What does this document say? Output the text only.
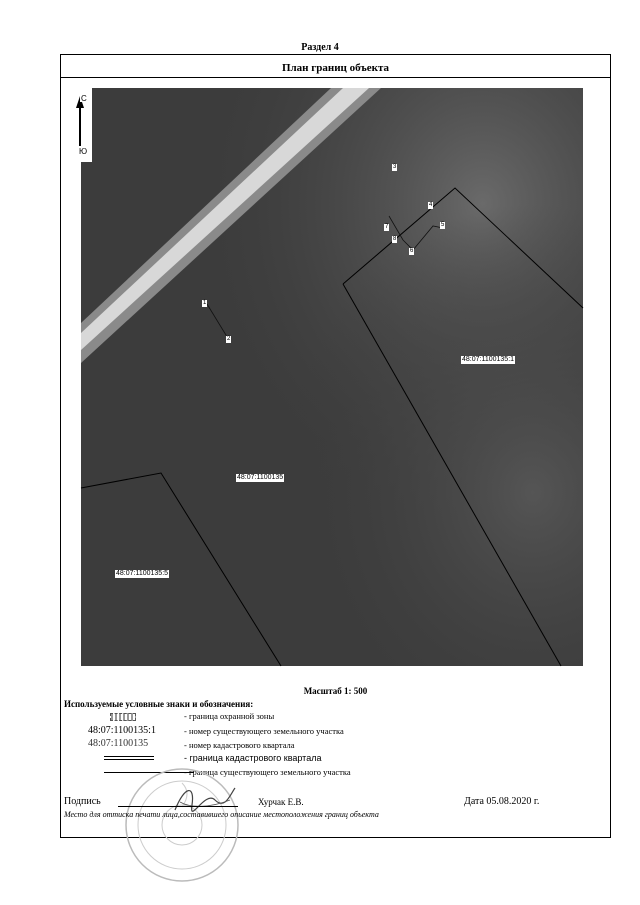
Раздел 4
План границ объекта
48:07:1100135:1
48:07:1100135
48:07:1100135:5
1
2
3
4
5
6
7
8
С
Ю
Масштаб 1: 500
Используемые условные знаки и обозначения:
- граница охранной зоны
48:07:1100135:1	- номер существующего земельного участка
48:07:1100135	- номер кадастрового квартала
- граница кадастрового квартала
- граница существующего земельного участка
Подпись	Хурчак Е.В.	Дата 05.08.2020 г.
Место для оттиска печати лица,составившего описание местоположения границ объекта
